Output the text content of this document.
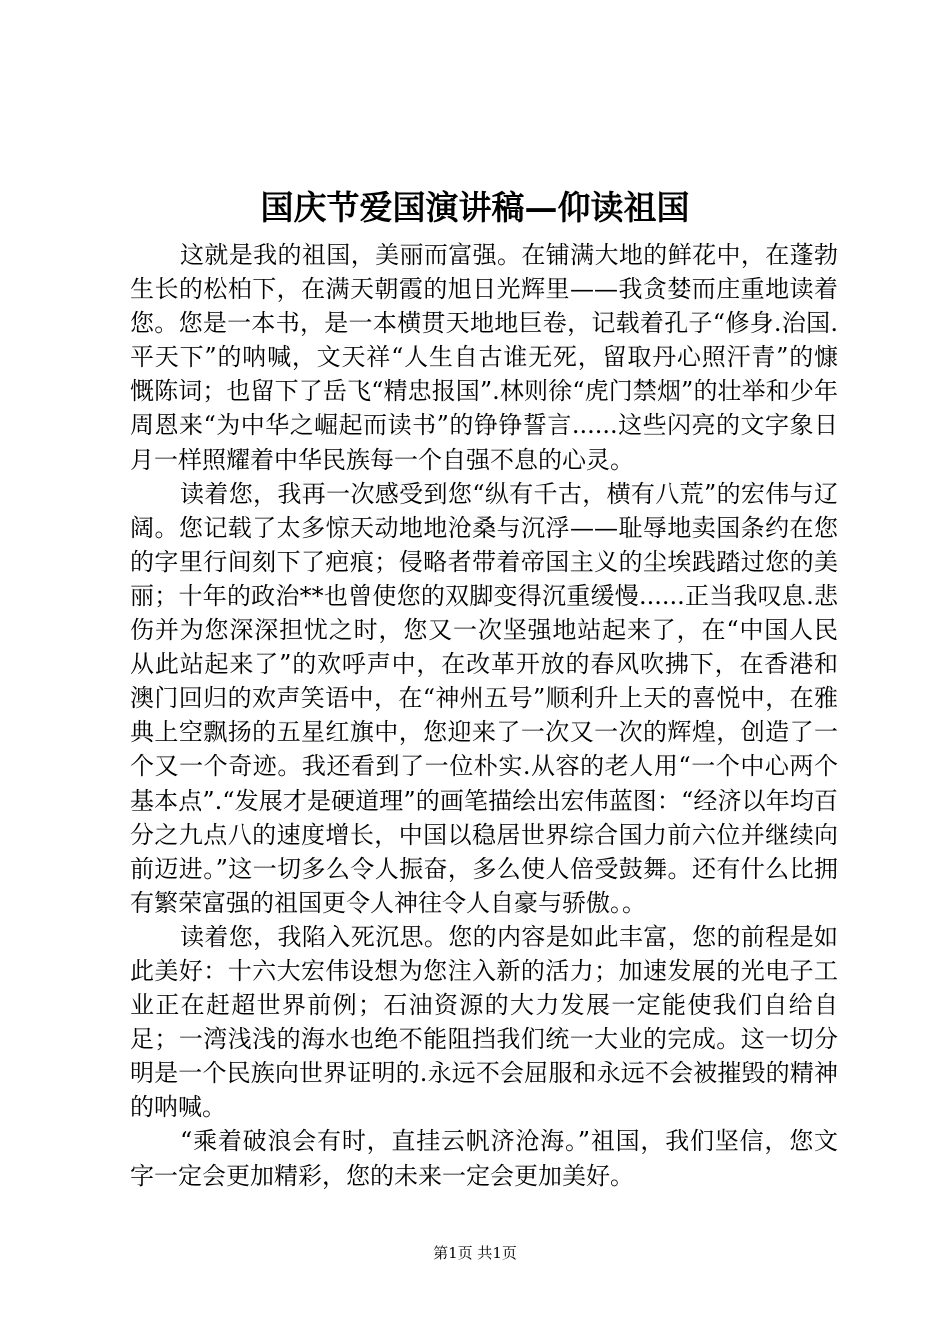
国庆节爱国演讲稿—仰读祖国

这就是我的祖国，美丽而富强。在铺满大地的鲜花中，在蓬勃生长的松柏下，在满天朝霞的旭日光辉里——我贪婪而庄重地读着您。您是一本书，是一本横贯天地地巨卷，记载着孔子“修身.治国.平天下”的呐喊，文天祥“人生自古谁无死，留取丹心照汗青”的慷慨陈词；也留下了岳飞“精忠报国”.林则徐“虎门禁烟”的壮举和少年周恩来“为中华之崛起而读书”的铮铮誓言......这些闪亮的文字象日月一样照耀着中华民族每一个自强不息的心灵。

读着您，我再一次感受到您“纵有千古，横有八荒”的宏伟与辽阔。您记载了太多惊天动地地沧桑与沉浮——耻辱地卖国条约在您的字里行间刻下了疤痕；侵略者带着帝国主义的尘埃践踏过您的美丽；十年的政治**也曾使您的双脚变得沉重缓慢......正当我叹息.悲伤并为您深深担忧之时，您又一次坚强地站起来了，在“中国人民从此站起来了”的欢呼声中，在改革开放的春风吹拂下，在香港和澳门回归的欢声笑语中，在“神州五号”顺利升上天的喜悦中，在雅典上空飘扬的五星红旗中，您迎来了一次又一次的辉煌，创造了一个又一个奇迹。我还看到了一位朴实.从容的老人用“一个中心两个基本点”.“发展才是硬道理”的画笔描绘出宏伟蓝图：“经济以年均百分之九点八的速度增长，中国以稳居世界综合国力前六位并继续向前迈进。”这一切多么令人振奋，多么使人倍受鼓舞。还有什么比拥有繁荣富强的祖国更令人神往令人自豪与骄傲。。

读着您，我陷入死沉思。您的内容是如此丰富，您的前程是如此美好：十六大宏伟设想为您注入新的活力；加速发展的光电子工业正在赶超世界前例；石油资源的大力发展一定能使我们自给自足；一湾浅浅的海水也绝不能阻挡我们统一大业的完成。这一切分明是一个民族向世界证明的.永远不会屈服和永远不会被摧毁的精神的呐喊。

“乘着破浪会有时，直挂云帆济沧海。”祖国，我们坚信，您文字一定会更加精彩，您的未来一定会更加美好。

第1页 共1页
